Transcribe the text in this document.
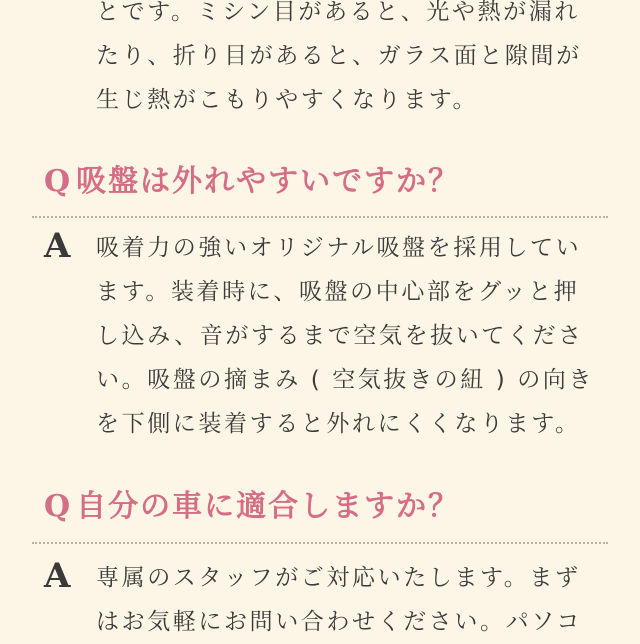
とです。ミシン目があると、光や熱が漏れ
たり、折り目があると、ガラス面と隙間が
生じ熱がこもりやすくなります。

Q 吸盤は外れやすいですか？
A 吸着力の強いオリジナル吸盤を採用してい
ます。装着時に、吸盤の中心部をグッと押
し込み、音がするまで空気を抜いてくださ
い。吸盤の摘まみ ( 空気抜きの紐 ) の向き
を下側に装着すると外れにくくなります。

Q 自分の車に適合しますか？
A 専属のスタッフがご対応いたします。まず
はお気軽にお問い合わせください。パソコ
